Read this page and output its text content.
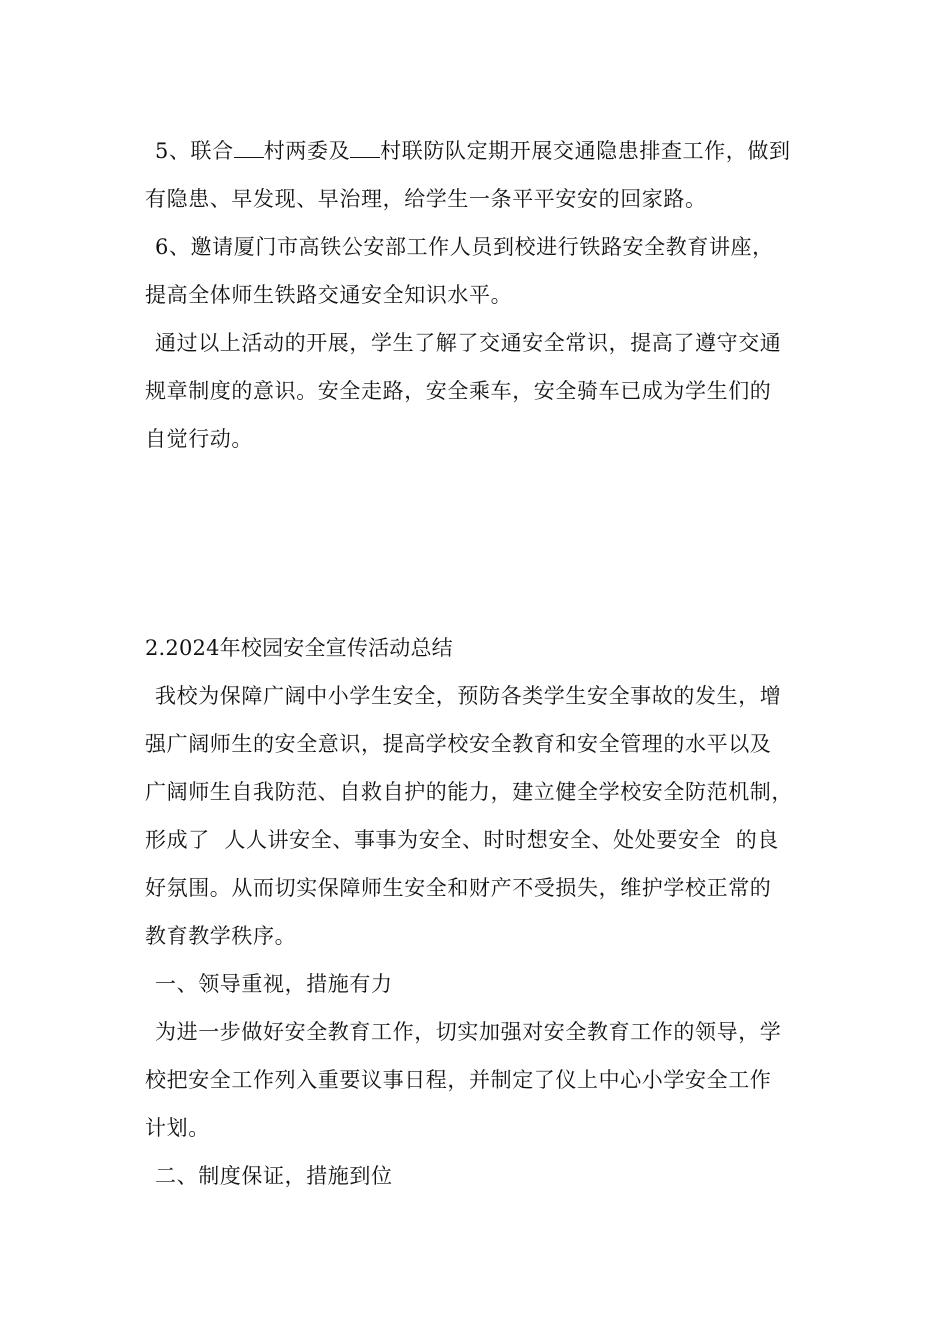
5、联合 村两委及 村联防队定期开展交通隐患排查工作，做到
有隐患、早发现、早治理，给学生一条平平安安的回家路。
6、邀请厦门市高铁公安部工作人员到校进行铁路安全教育讲座，
提高全体师生铁路交通安全知识水平。
通过以上活动的开展，学生了解了交通安全常识，提高了遵守交通
规章制度的意识。安全走路，安全乘车，安全骑车已成为学生们的
自觉行动。
2.2024年校园安全宣传活动总结
我校为保障广阔中小学生安全，预防各类学生安全事故的发生，增
强广阔师生的安全意识，提高学校安全教育和安全管理的水平以及
广阔师生自我防范、自救自护的能力，建立健全学校安全防范机制，
形成了  人人讲安全、事事为安全、时时想安全、处处要安全  的良
好氛围。从而切实保障师生安全和财产不受损失，维护学校正常的
教育教学秩序。
一、领导重视，措施有力
为进一步做好安全教育工作，切实加强对安全教育工作的领导，学
校把安全工作列入重要议事日程，并制定了仪上中心小学安全工作
计划。
二、制度保证，措施到位
